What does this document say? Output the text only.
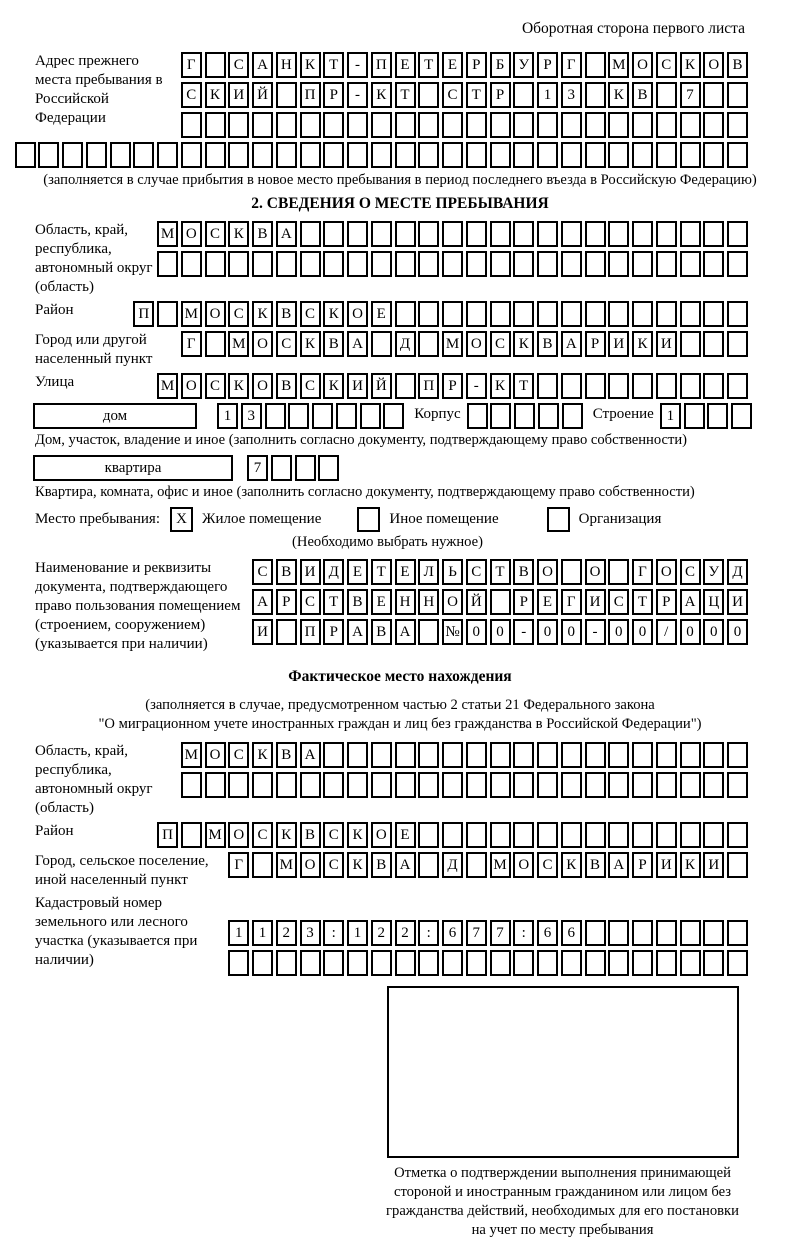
Оборотная сторона первого листа
Адрес прежнего места пребывания в Российской Федерации
Г	С А Н К Т	-	П Е Т Е	Р	Б У Р	Г	М О С К О В
С К И Й	П Р	-	К Т	С Т	Р	1	3	К В	7
(заполняется в случае прибытия в новое место пребывания в период последнего въезда в Российскую Федерацию)
2. СВЕДЕНИЯ О МЕСТЕ ПРЕБЫВАНИЯ
Область, край, республика, автономный округ (область)
М О С К В А
Район	П	М О С К В С К О Е
Город или другой населенный пункт
Г	М О С К В А	Д	М О С К В А Р И К И
Улица	М О С К О В С К И Й	П Р	-	К Т
дом	1	3	Корпус	Строение 1
Дом, участок, владение и иное (заполнить согласно документу, подтверждающему право собственности)
квартира	7
Квартира, комната, офис и иное (заполнить согласно документу, подтверждающему право собственности)
Место пребывания:	X	Жилое помещение	Иное помещение	Организация
(Необходимо выбрать нужное)
Наименование и реквизиты документа, подтверждающего право пользования помещением (строением, сооружением) (указывается при наличии)
С В И Д Е Т Е Л Ь С Т В О	О	Г О С У Д
А Р С Т В Е Н Н О Й	Р Е Г И С Т	Р А Ц И
И	П Р А В А	№ 0	0	-	0	0	-	0	0	/	0	0	0
Фактическое место нахождения
(заполняется в случае, предусмотренном частью 2 статьи 21 Федерального закона
"О миграционном учете иностранных граждан и лиц без гражданства в Российской Федерации")
Область, край, республика, автономный округ (область)
М О С К В А
Район	П	М О С К В С К О Е
Город, сельское поселение, иной населенный пункт
Г	М О С К В А	Д	М О С К В А Р И К И
Кадастровый номер земельного или лесного участка (указывается при наличии)
1	1	2	3	:	1	2	2	:	6	7	7	:	6	6
Отметка о подтверждении выполнения принимающей стороной и иностранным гражданином или лицом без гражданства действий, необходимых для его постановки на учет по месту пребывания
